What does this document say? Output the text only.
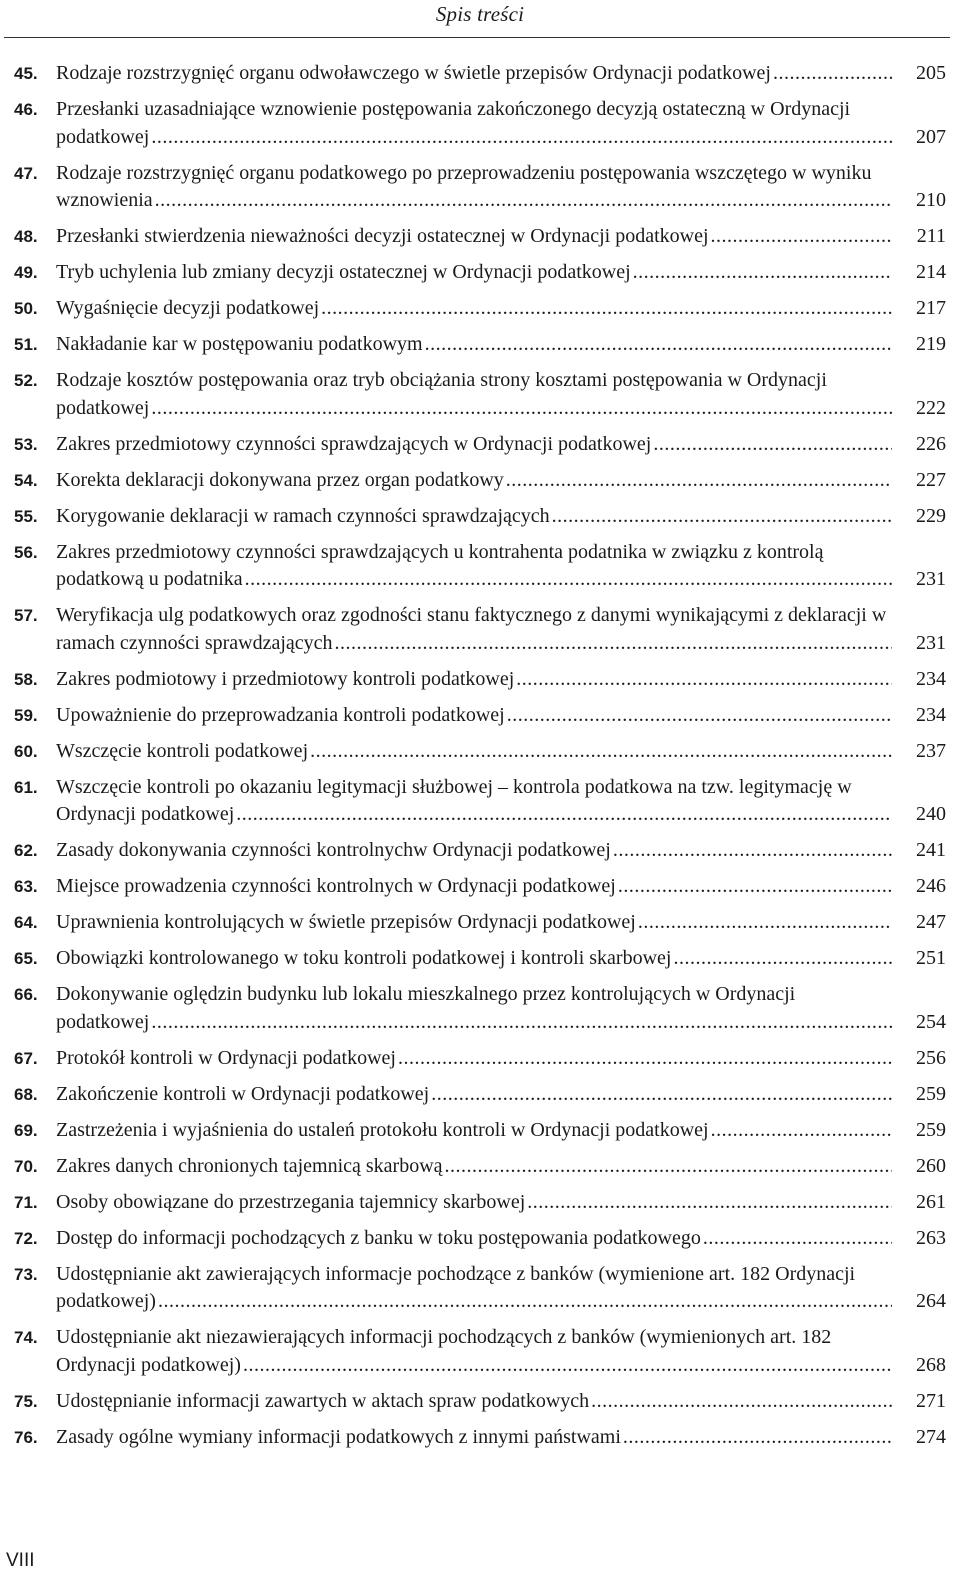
Spis treści
45. Rodzaje rozstrzygnięć organu odwoławczego w świetle przepisów Ordynacji podatkowej .....	205
46. Przesłanki uzasadniające wznowienie postępowania zakończonego decyzją ostateczną w Ordynacji podatkowej .....	207
47. Rodzaje rozstrzygnięć organu podatkowego po przeprowadzeniu postępowania wszczętego w wyniku wznowienia .....	210
48. Przesłanki stwierdzenia nieważności decyzji ostatecznej w Ordynacji podatkowej .....	211
49. Tryb uchylenia lub zmiany decyzji ostatecznej w Ordynacji podatkowej .....	214
50. Wygaśnięcie decyzji podatkowej .....	217
51. Nakładanie kar w postępowaniu podatkowym .....	219
52. Rodzaje kosztów postępowania oraz tryb obciążania strony kosztami postępowania w Ordynacji podatkowej .....	222
53. Zakres przedmiotowy czynności sprawdzających w Ordynacji podatkowej .....	226
54. Korekta deklaracji dokonywana przez organ podatkowy .....	227
55. Korygowanie deklaracji w ramach czynności sprawdzających .....	229
56. Zakres przedmiotowy czynności sprawdzających u kontrahenta podatnika w związku z kontrolą podatkową u podatnika .....	231
57. Weryfikacja ulg podatkowych oraz zgodności stanu faktycznego z danymi wynikającymi z deklaracji w ramach czynności sprawdzających .....	231
58. Zakres podmiotowy i przedmiotowy kontroli podatkowej .....	234
59. Upoważnienie do przeprowadzania kontroli podatkowej .....	234
60. Wszczęcie kontroli podatkowej .....	237
61. Wszczęcie kontroli po okazaniu legitymacji służbowej – kontrola podatkowa na tzw. legitymację w Ordynacji podatkowej .....	240
62. Zasady dokonywania czynności kontrolnychw Ordynacji podatkowej .....	241
63. Miejsce prowadzenia czynności kontrolnych w Ordynacji podatkowej .....	246
64. Uprawnienia kontrolujących w świetle przepisów Ordynacji podatkowej .....	247
65. Obowiązki kontrolowanego w toku kontroli podatkowej i kontroli skarbowej .....	251
66. Dokonywanie oględzin budynku lub lokalu mieszkalnego przez kontrolujących w Ordynacji podatkowej .....	254
67. Protokół kontroli w Ordynacji podatkowej .....	256
68. Zakończenie kontroli w Ordynacji podatkowej .....	259
69. Zastrzeżenia i wyjaśnienia do ustaleń protokołu kontroli w Ordynacji podatkowej .....	259
70. Zakres danych chronionych tajemnicą skarbową .....	260
71. Osoby obowiązane do przestrzegania tajemnicy skarbowej .....	261
72. Dostęp do informacji pochodzących z banku w toku postępowania podatkowego .....	263
73. Udostępnianie akt zawierających informacje pochodzące z banków (wymienione art. 182 Ordynacji podatkowej) .....	264
74. Udostępnianie akt niezawierających informacji pochodzących z banków (wymienionych art. 182 Ordynacji podatkowej) .....	268
75. Udostępnianie informacji zawartych w aktach spraw podatkowych .....	271
76. Zasady ogólne wymiany informacji podatkowych z innymi państwami .....	274
VIII
